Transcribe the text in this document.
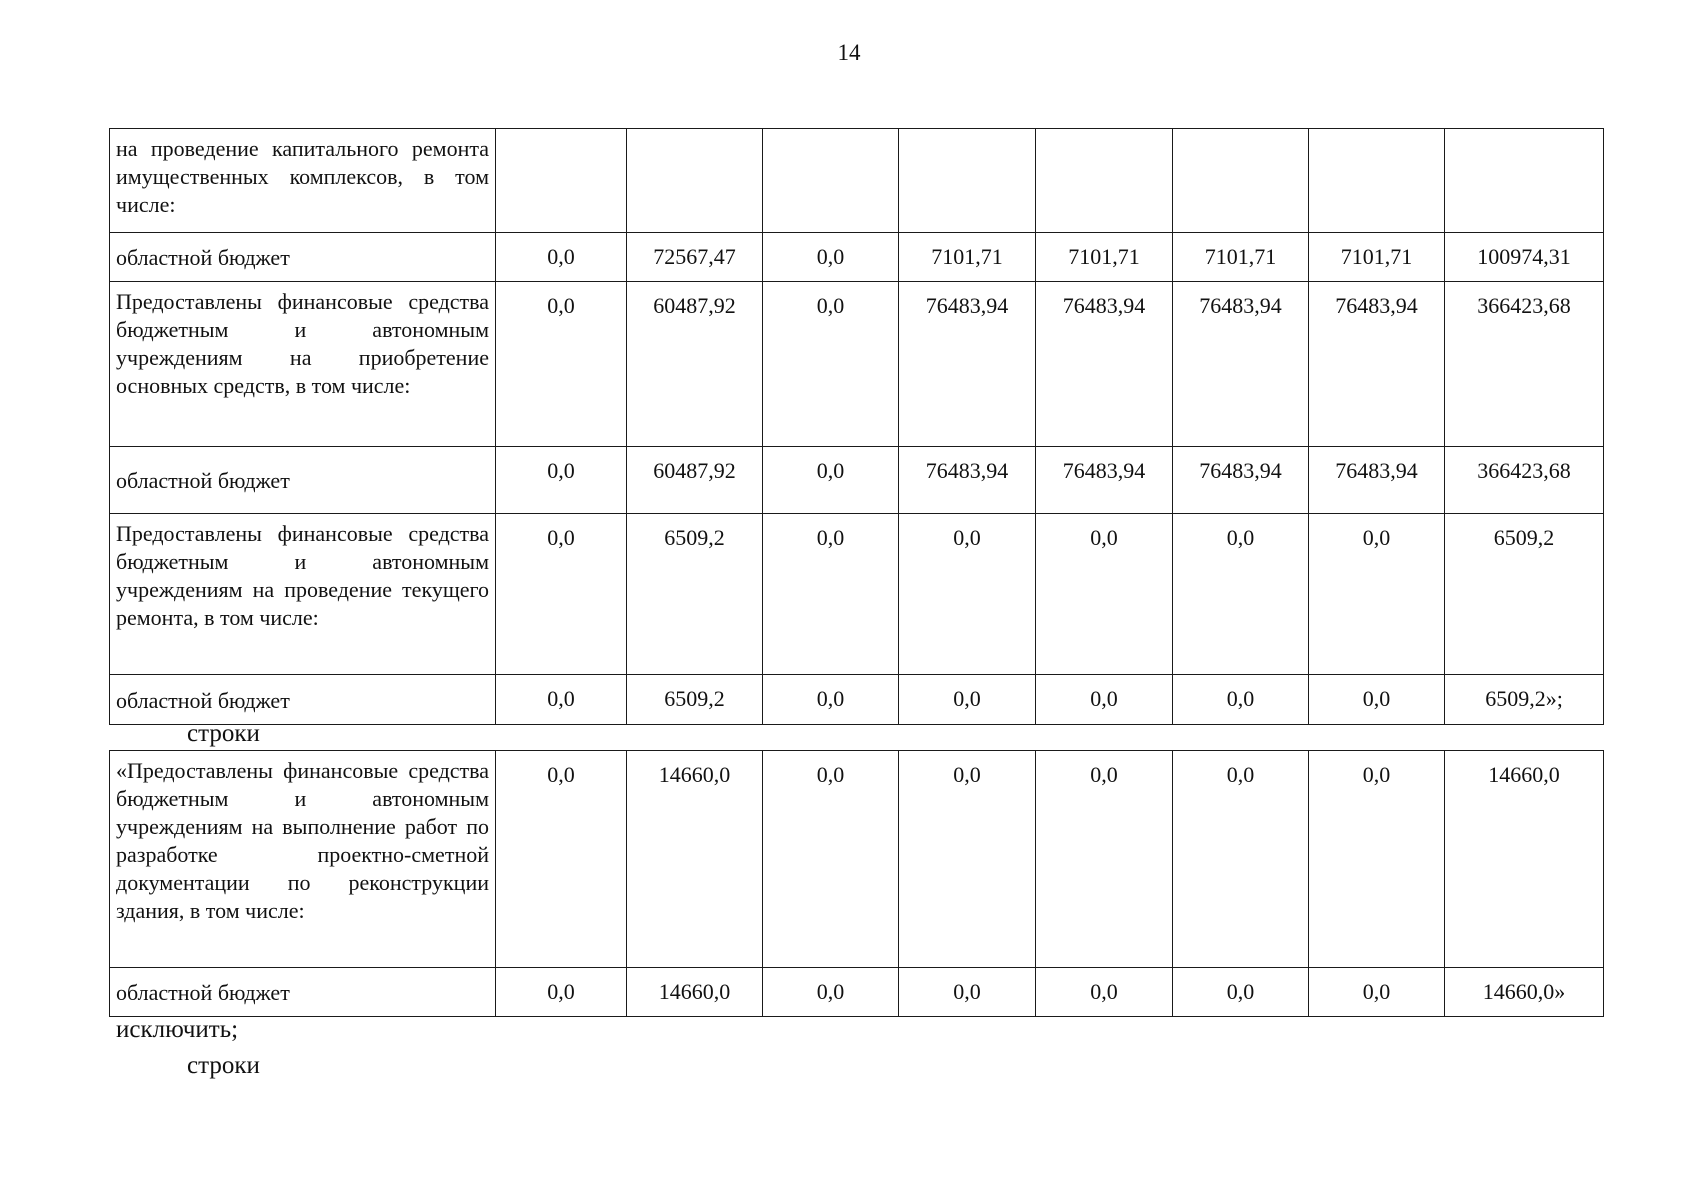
14
на проведение капитального ремонта имущественных комплексов, в том числе:								
областной бюджет	0,0	72567,47	0,0	7101,71	7101,71	7101,71	7101,71	100974,31
Предоставлены финансовые средства бюджетным и автономным учреждениям на приобретение основных средств, в том числе:	0,0	60487,92	0,0	76483,94	76483,94	76483,94	76483,94	366423,68
областной бюджет	0,0	60487,92	0,0	76483,94	76483,94	76483,94	76483,94	366423,68
Предоставлены финансовые средства бюджетным и автономным учреждениям на проведение текущего ремонта, в том числе:	0,0	6509,2	0,0	0,0	0,0	0,0	0,0	6509,2
областной бюджет	0,0	6509,2	0,0	0,0	0,0	0,0	0,0	6509,2»;
строки
«Предоставлены финансовые средства бюджетным и автономным учреждениям на выполнение работ по разработке проектно-сметной документации по реконструкции здания, в том числе:	0,0	14660,0	0,0	0,0	0,0	0,0	0,0	14660,0
областной бюджет	0,0	14660,0	0,0	0,0	0,0	0,0	0,0	14660,0»
исключить;
строки
